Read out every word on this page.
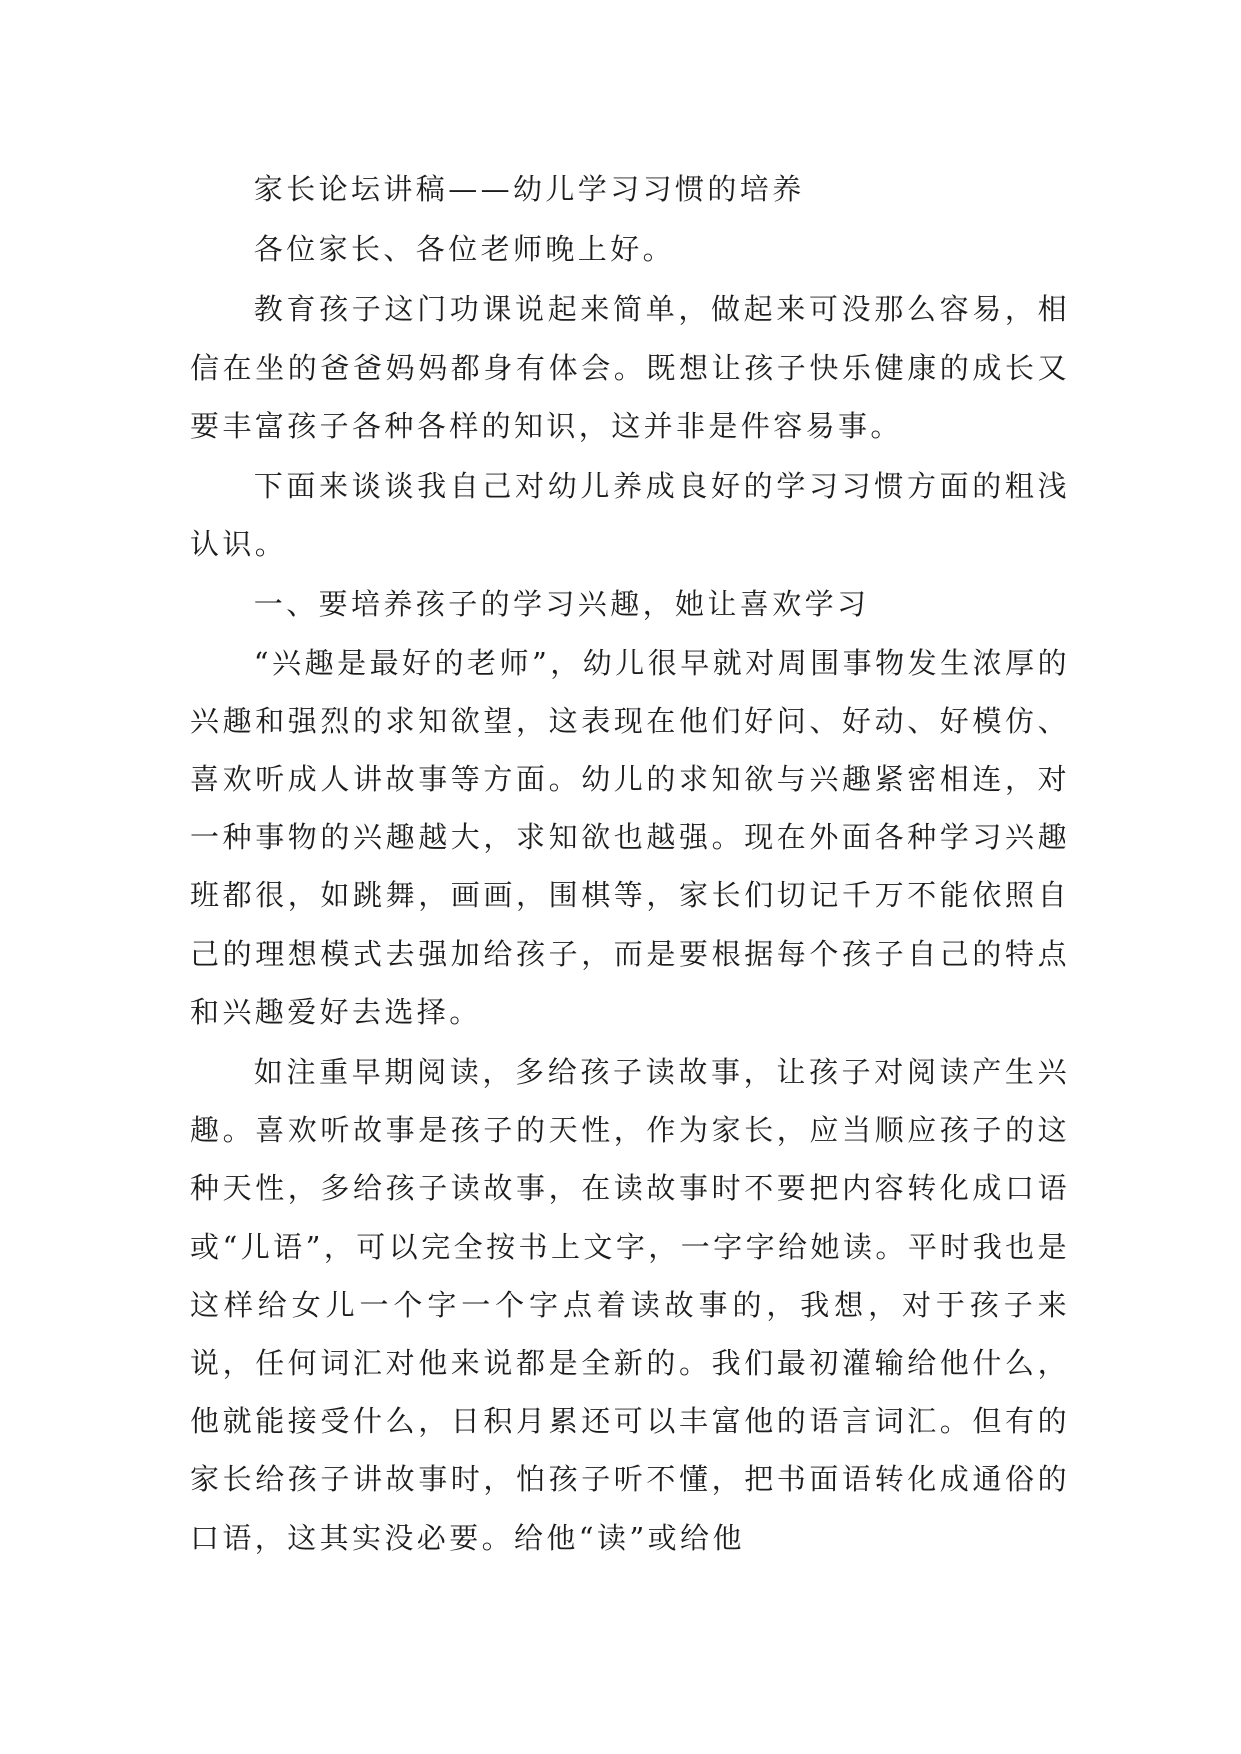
家长论坛讲稿——幼儿学习习惯的培养

各位家长、各位老师晚上好。

教育孩子这门功课说起来简单，做起来可没那么容易，相信在坐的爸爸妈妈都身有体会。既想让孩子快乐健康的成长又要丰富孩子各种各样的知识，这并非是件容易事。

下面来谈谈我自己对幼儿养成良好的学习习惯方面的粗浅认识。

一、要培养孩子的学习兴趣，她让喜欢学习

“兴趣是最好的老师”，幼儿很早就对周围事物发生浓厚的兴趣和强烈的求知欲望，这表现在他们好问、好动、好模仿、喜欢听成人讲故事等方面。幼儿的求知欲与兴趣紧密相连，对一种事物的兴趣越大，求知欲也越强。现在外面各种学习兴趣班都很，如跳舞，画画，围棋等，家长们切记千万不能依照自己的理想模式去强加给孩子，而是要根据每个孩子自己的特点和兴趣爱好去选择。

如注重早期阅读，多给孩子读故事，让孩子对阅读产生兴趣。喜欢听故事是孩子的天性，作为家长，应当顺应孩子的这种天性，多给孩子读故事，在读故事时不要把内容转化成口语或“儿语”，可以完全按书上文字，一字字给她读。平时我也是这样给女儿一个字一个字点着读故事的，我想，对于孩子来说，任何词汇对他来说都是全新的。我们最初灌输给他什么，他就能接受什么，日积月累还可以丰富他的语言词汇。但有的家长给孩子讲故事时，怕孩子听不懂，把书面语转化成通俗的口语，这其实没必要。给他“读”或给他
